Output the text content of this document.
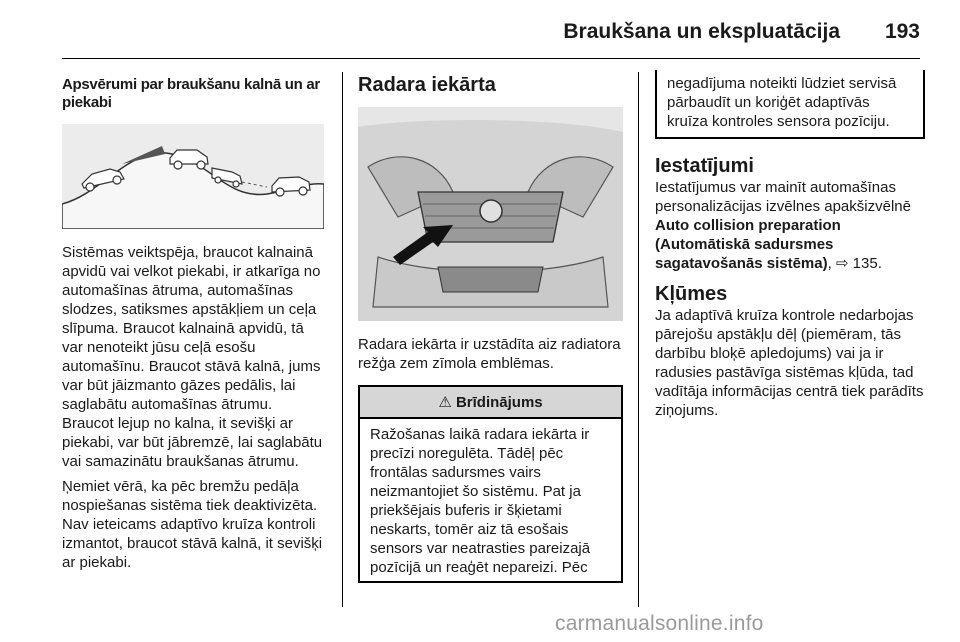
Braukšana un ekspluatācija 193
Apsvērumi par braukšanu kalnā un ar piekabi

Sistēmas veiktspēja, braucot kalnainā apvidū vai velkot piekabi, ir atkarīga no automašīnas ātruma, automašīnas slodzes, satiksmes apstākļiem un ceļa slīpuma. Braucot kalnainā apvidū, tā var nenoteikt jūsu ceļā esošu automašīnu. Braucot stāvā kalnā, jums var būt jāizmanto gāzes pedālis, lai saglabātu automašīnas ātrumu. Braucot lejup no kalna, it sevišķi ar piekabi, var būt jābremzē, lai saglabātu vai samazinātu braukšanas ātrumu.

Ņemiet vērā, ka pēc bremžu pedāļa nospiešanas sistēma tiek deaktivizēta. Nav ieteicams adaptīvo kruīza kontroli izmantot, braucot stāvā kalnā, it sevišķi ar piekabi.

Radara iekārta

Radara iekārta ir uzstādīta aiz radiatora režģa zem zīmola emblēmas.

⚠ Brīdinājums
Ražošanas laikā radara iekārta ir precīzi noregulēta. Tādēļ pēc frontālas sadursmes vairs neizmantojiet šo sistēmu. Pat ja priekšējais buferis ir šķietami neskarts, tomēr aiz tā esošais sensors var neatrasties pareizajā pozīcijā un reaģēt nepareizi. Pēc
negadījuma noteikti lūdziet servisā pārbaudīt un koriģēt adaptīvās kruīza kontroles sensora pozīciju.
Iestatījumi

Iestatījumus var mainīt automašīnas personalizācijas izvēlnes apakšizvēlnē Auto collision preparation (Automātiskā sadursmes sagatavošanās sistēma), ⇨ 135.

Kļūmes

Ja adaptīvā kruīza kontrole nedarbojas pārejošu apstākļu dēļ (piemēram, tās darbību bloķē apledojums) vai ja ir radusies pastāvīga sistēmas kļūda, tad vadītāja informācijas centrā tiek parādīts ziņojums.

carmanualsonline.info
